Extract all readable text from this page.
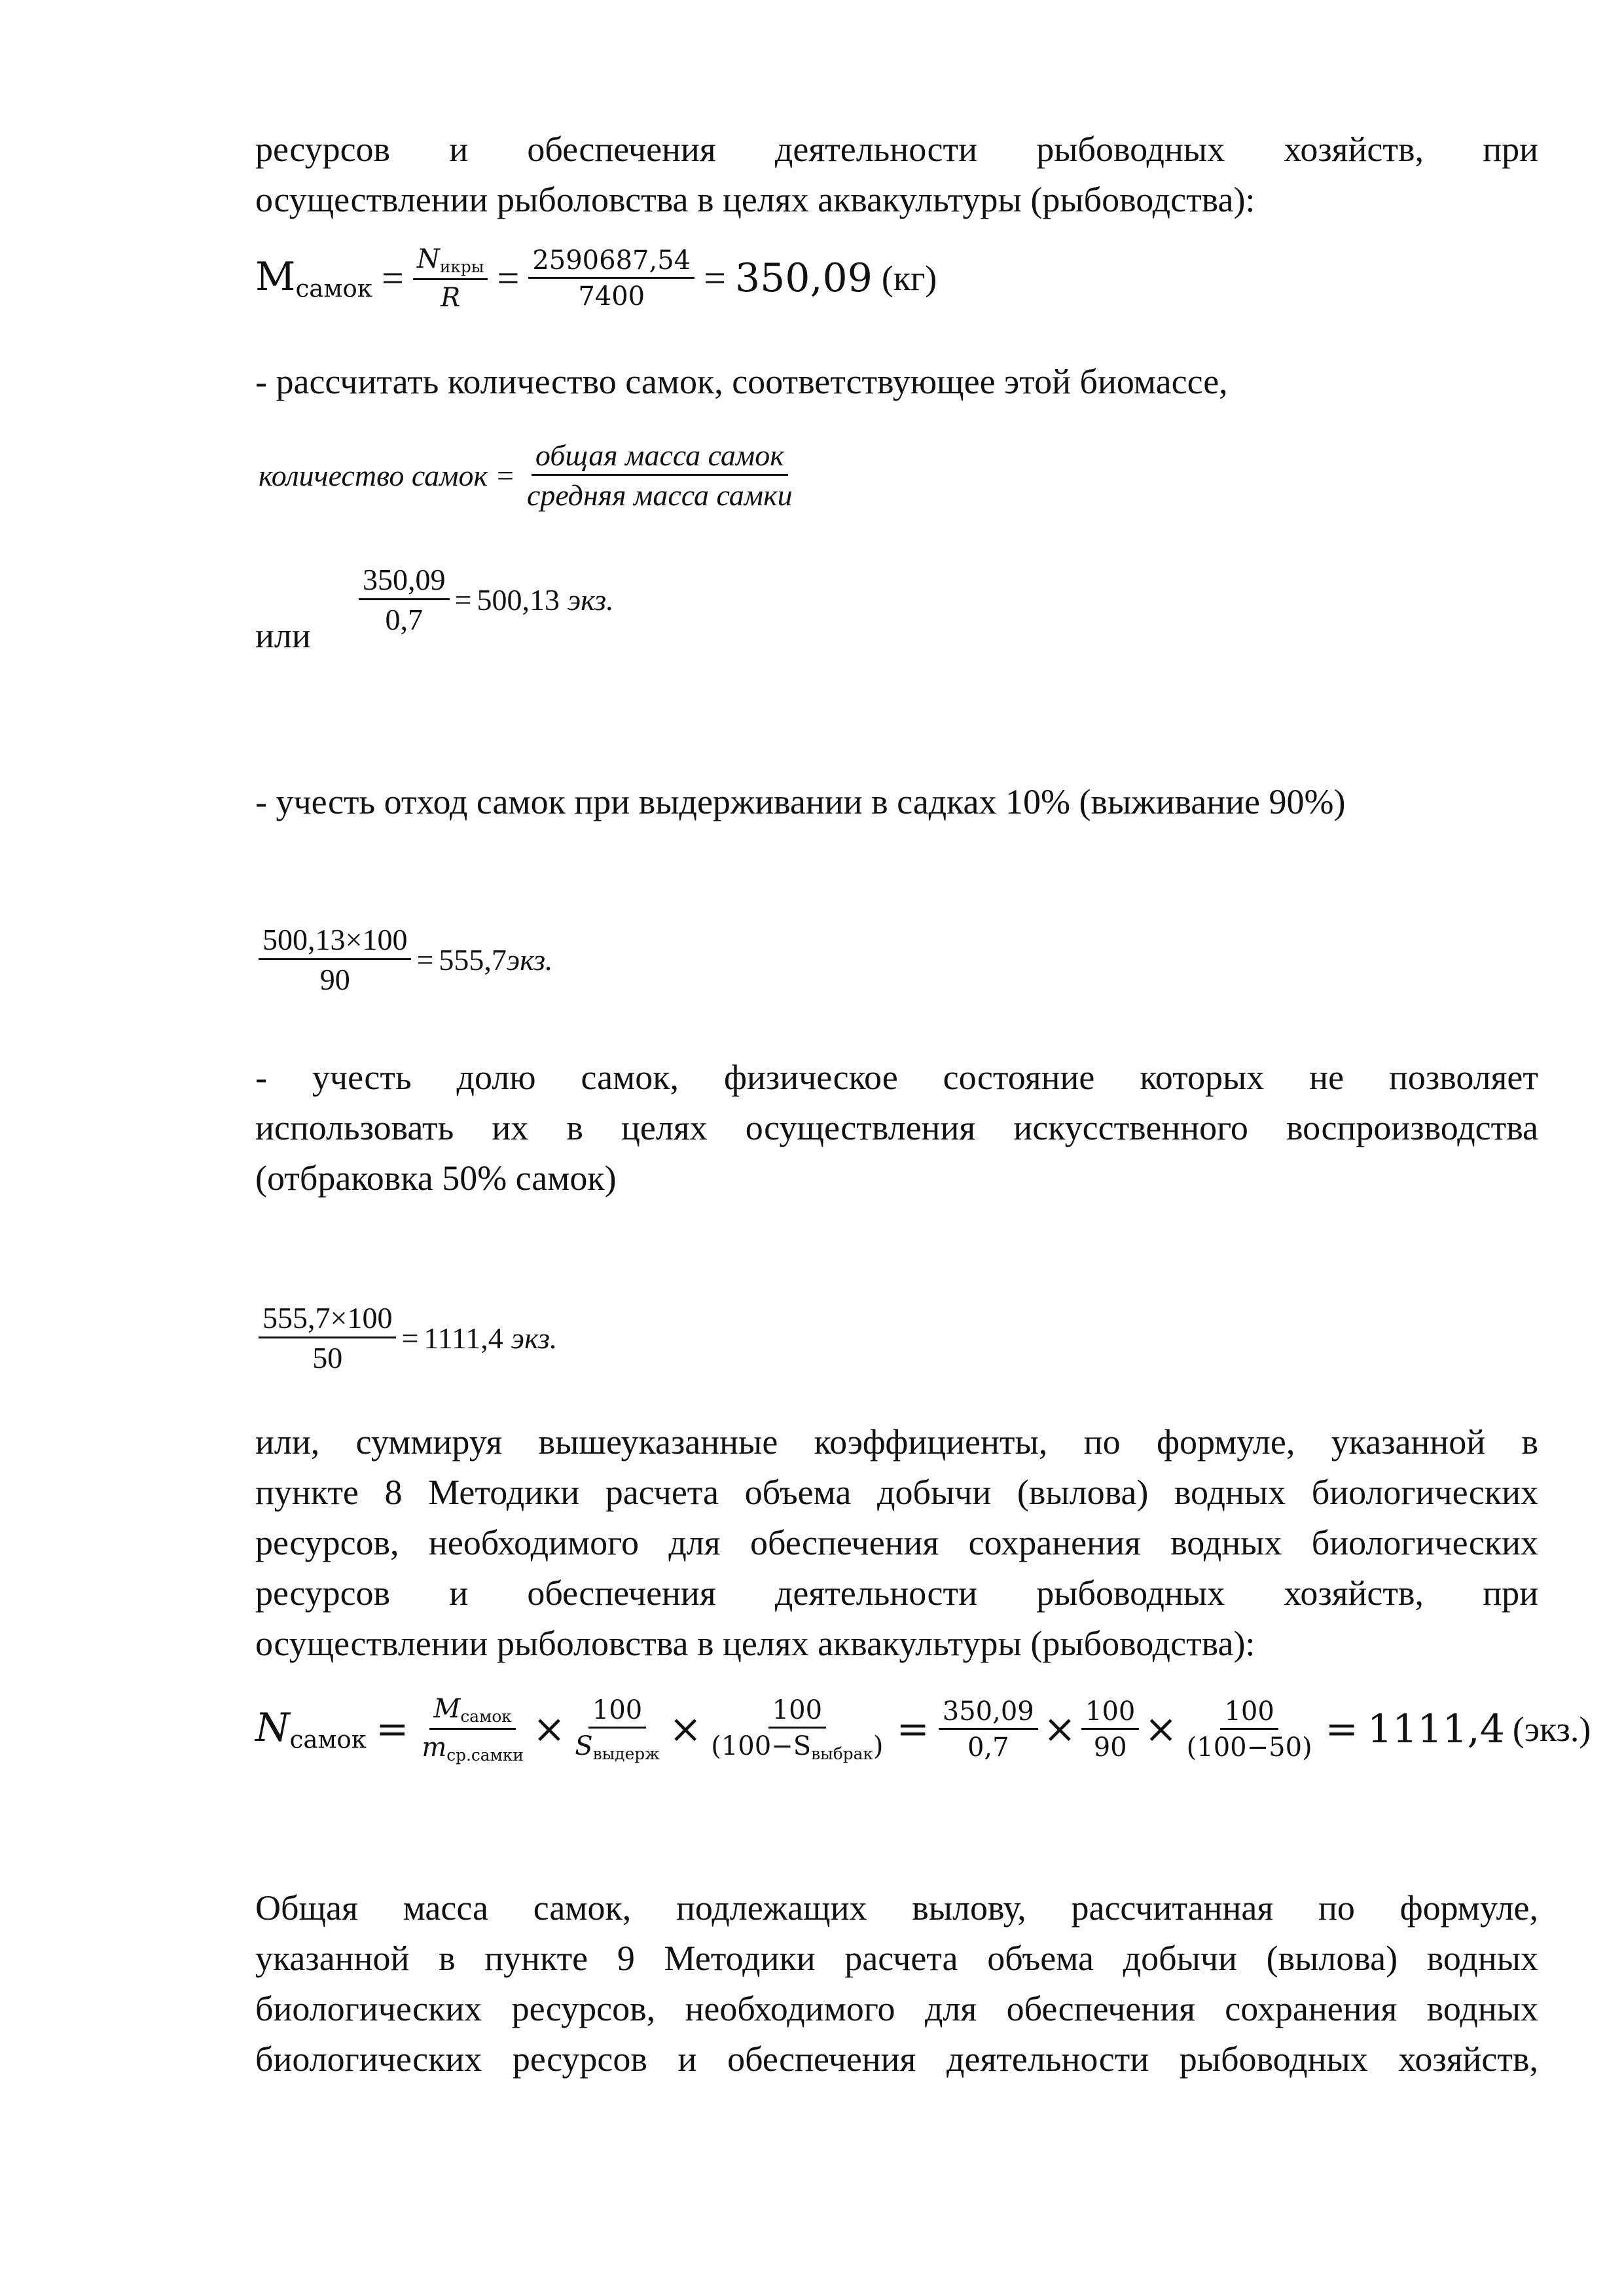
ресурсов и обеспечения деятельности рыбоводных хозяйств, при
осуществлении рыболовства в целях аквакультуры (рыбоводства):
$M_{самок} = \frac{N_{икры}}{R} = \frac{2590687,54}{7400} = 350,09$ (кг)
- рассчитать количество самок, соответствующее этой биомассе,
количество самок = $\frac{\text{общая масса самок}}{\text{средняя масса самки}}$
или $\frac{350,09}{0,7} = 500,13$ экз.
- учесть отход самок при выдерживании в садках 10% (выживание 90%)
$\frac{500,13\times 100}{90} = 555,7$ экз.
- учесть долю самок, физическое состояние которых не позволяет
использовать их в целях осуществления искусственного воспроизводства
(отбраковка 50% самок)
$\frac{555,7\times 100}{50} = 1111,4$ экз.
или, суммируя вышеуказанные коэффициенты, по формуле, указанной в
пункте 8 Методики расчета объема добычи (вылова) водных биологических
ресурсов, необходимого для обеспечения сохранения водных биологических
ресурсов и обеспечения деятельности рыбоводных хозяйств, при
осуществлении рыболовства в целях аквакультуры (рыбоводства):
$N_{самок} = \frac{M_{самок}}{m_{ср.самки}} \times \frac{100}{S_{выдерж}} \times \frac{100}{(100-S_{выбрак})} = \frac{350,09}{0,7} \times \frac{100}{90} \times \frac{100}{(100-50)} = 1111,4$ (экз.)
Общая масса самок, подлежащих вылову, рассчитанная по формуле,
указанной в пункте 9 Методики расчета объема добычи (вылова) водных
биологических ресурсов, необходимого для обеспечения сохранения водных
биологических ресурсов и обеспечения деятельности рыбоводных хозяйств,
